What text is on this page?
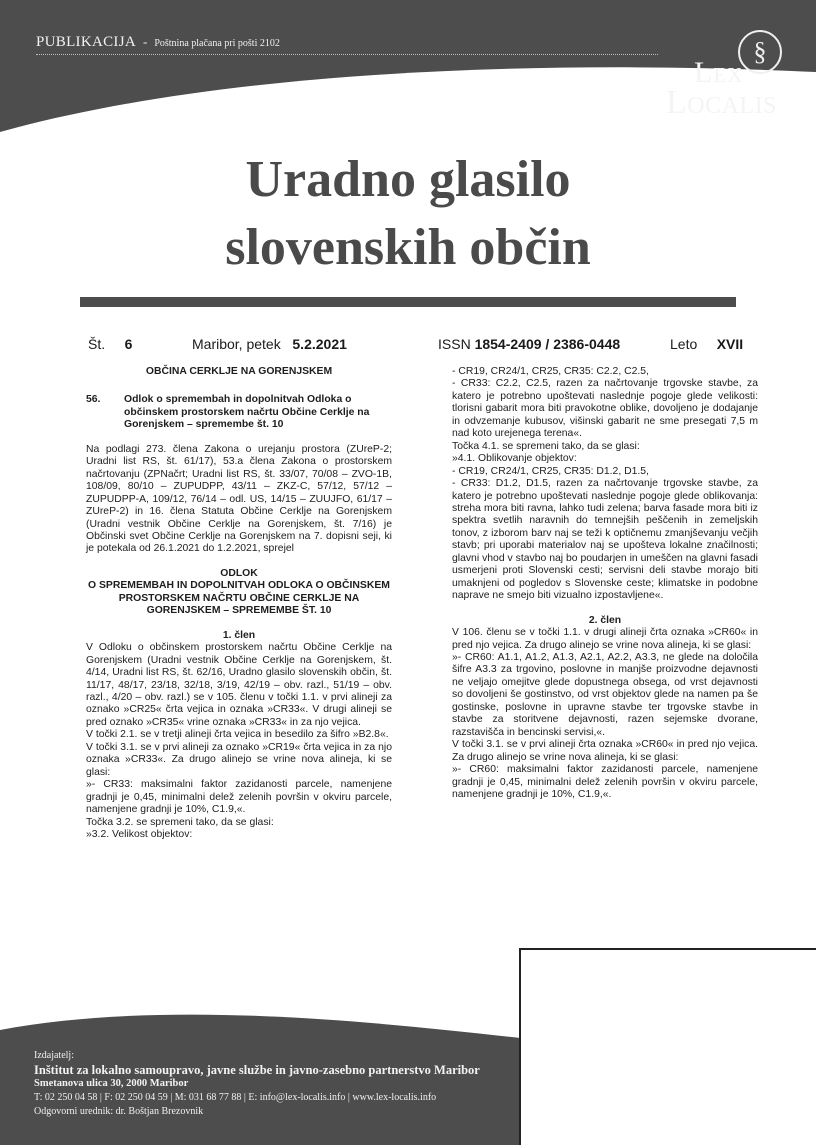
PUBLIKACIJA - Poštnina plačana pri pošti 2102	§
Lex
Localis
Uradno glasilo
slovenskih občin
Št. 6	Maribor, petek 5.2.2021	ISSN 1854-2409 / 2386-0448	Leto XVII

OBČINA CERKLJE NA GORENJSKEM

56.	Odlok o spremembah in dopolnitvah Odloka o občinskem prostorskem načrtu Občine Cerklje na Gorenjskem – spremembe št. 10

Na podlagi 273. člena Zakona o urejanju prostora (ZUreP-2; Uradni list RS, št. 61/17), 53.a člena Zakona o prostorskem načrtovanju (ZPNačrt; Uradni list RS, št. 33/07, 70/08 – ZVO-1B, 108/09, 80/10 – ZUPUDPP, 43/11 – ZKZ-C, 57/12, 57/12 – ZUPUDPP-A, 109/12, 76/14 – odl. US, 14/15 – ZUUJFO, 61/17 – ZUreP-2) in 16. člena Statuta Občine Cerklje na Gorenjskem (Uradni vestnik Občine Cerklje na Gorenjskem, št. 7/16) je Občinski svet Občine Cerklje na Gorenjskem na 7. dopisni seji, ki je potekala od 26.1.2021 do 1.2.2021, sprejel

ODLOK

O SPREMEMBAH IN DOPOLNITVAH ODLOKA O OBČINSKEM PROSTORSKEM NAČRTU OBČINE CERKLJE NA GORENJSKEM – SPREMEMBE ŠT. 10

1. člen

V Odloku o občinskem prostorskem načrtu Občine Cerklje na Gorenjskem (Uradni vestnik Občine Cerklje na Gorenjskem, št. 4/14, Uradni list RS, št. 62/16, Uradno glasilo slovenskih občin, št. 11/17, 48/17, 23/18, 32/18, 3/19, 42/19 – obv. razl., 51/19 – obv. razl., 4/20 – obv. razl.) se v 105. členu v točki 1.1. v prvi alineji za oznako »CR25« črta vejica in oznaka »CR33«. V drugi alineji se pred oznako »CR35« vrine oznaka »CR33« in za njo vejica.

V točki 2.1. se v tretji alineji črta vejica in besedilo za šifro »B2.8«.

V točki 3.1. se v prvi alineji za oznako »CR19« črta vejica in za njo oznaka »CR33«. Za drugo alinejo se vrine nova alineja, ki se glasi:

»- CR33: maksimalni faktor zazidanosti parcele, namenjene gradnji je 0,45, minimalni delež zelenih površin v okviru parcele, namenjene gradnji je 10%, C1.9,«.

Točka 3.2. se spremeni tako, da se glasi:

»3.2. Velikost objektov:

- CR19, CR24/1, CR25, CR35: C2.2, C2.5,

- CR33: C2.2, C2.5, razen za načrtovanje trgovske stavbe, za katero je potrebno upoštevati naslednje pogoje glede velikosti: tlorisni gabarit mora biti pravokotne oblike, dovoljeno je dodajanje in odvzemanje kubusov, višinski gabarit ne sme presegati 7,5 m nad koto urejenega terena«.

Točka 4.1. se spremeni tako, da se glasi:

»4.1. Oblikovanje objektov:

- CR19, CR24/1, CR25, CR35: D1.2, D1.5,

- CR33: D1.2, D1.5, razen za načrtovanje trgovske stavbe, za katero je potrebno upoštevati naslednje pogoje glede oblikovanja: streha mora biti ravna, lahko tudi zelena; barva fasade mora biti iz spektra svetlih naravnih do temnejših peščenih in zemeljskih tonov, z izborom barv naj se teži k optičnemu zmanjševanju večjih stavb; pri uporabi materialov naj se upošteva lokalne značilnosti; glavni vhod v stavbo naj bo poudarjen in umeščen na glavni fasadi usmerjeni proti Slovenski cesti; servisni deli stavbe morajo biti umaknjeni od pogledov s Slovenske ceste; klimatske in podobne naprave ne smejo biti vizualno izpostavljene«.

2. člen

V 106. členu se v točki 1.1. v drugi alineji črta oznaka »CR60« in pred njo vejica. Za drugo alinejo se vrine nova alineja, ki se glasi:

»- CR60: A1.1, A1.2, A1.3, A2.1, A2.2, A3.3, ne glede na določila šifre A3.3 za trgovino, poslovne in manjše proizvodne dejavnosti ne veljajo omejitve glede dopustnega obsega, od vrst dejavnosti so dovoljeni še gostinstvo, od vrst objektov glede na namen pa še gostinske, poslovne in upravne stavbe ter trgovske stavbe in stavbe za storitvene dejavnosti, razen sejemske dvorane, razstavišča in bencinski servisi,«.

V točki 3.1. se v prvi alineji črta oznaka »CR60« in pred njo vejica. Za drugo alinejo se vrine nova alineja, ki se glasi:

»- CR60: maksimalni faktor zazidanosti parcele, namenjene gradnji je 0,45, minimalni delež zelenih površin v okviru parcele, namenjene gradnji je 10%, C1.9,«.

Izdajatelj:
Inštitut za lokalno samoupravo, javne službe in javno-zasebno partnerstvo Maribor
Smetanova ulica 30, 2000 Maribor
T: 02 250 04 58 | F: 02 250 04 59 | M: 031 68 77 88 | E: info@lex-localis.info | www.lex-localis.info
Odgovorni urednik: dr. Boštjan Brezovnik
